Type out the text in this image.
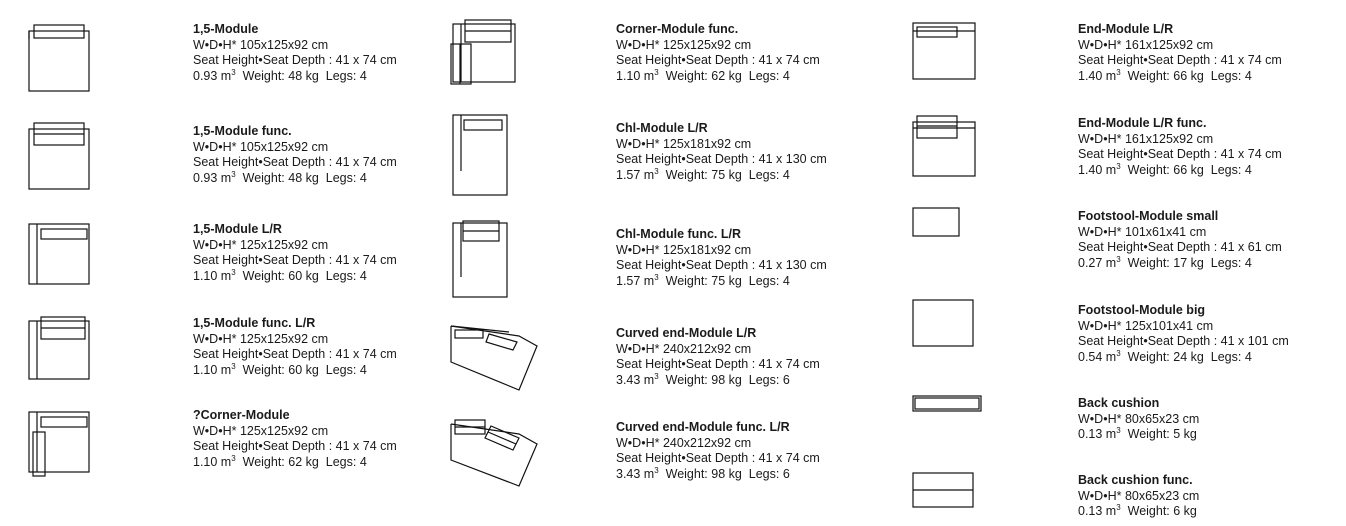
1,5-Module
W•D•H* 105x125x92 cm
Seat Height•Seat Depth : 41 x 74 cm
0.93 $m^3$ Weight: 48 kg Legs: 4
1,5-Module func.
W•D•H* 105x125x92 cm
Seat Height•Seat Depth : 41 x 74 cm
0.93 $m^3$ Weight: 48 kg Legs: 4
1,5-Module L/R
W•D•H* 125x125x92 cm
Seat Height•Seat Depth : 41 x 74 cm
1.10 $m^3$ Weight: 60 kg Legs: 4
1,5-Module func. L/R
W•D•H* 125x125x92 cm
Seat Height•Seat Depth : 41 x 74 cm
1.10 $m^3$ Weight: 60 kg Legs: 4
?Corner-Module
W•D•H* 125x125x92 cm
Seat Height•Seat Depth : 41 x 74 cm
1.10 $m^3$ Weight: 62 kg Legs: 4
Corner-Module func.
W•D•H* 125x125x92 cm
Seat Height•Seat Depth : 41 x 74 cm
1.10 $m^3$ Weight: 62 kg Legs: 4
Chl-Module L/R
W•D•H* 125x181x92 cm
Seat Height•Seat Depth : 41 x 130 cm
1.57 $m^3$ Weight: 75 kg Legs: 4
Chl-Module func. L/R
W•D•H* 125x181x92 cm
Seat Height•Seat Depth : 41 x 130 cm
1.57 $m^3$ Weight: 75 kg Legs: 4
Curved end-Module L/R
W•D•H* 240x212x92 cm
Seat Height•Seat Depth : 41 x 74 cm
3.43 $m^3$ Weight: 98 kg Legs: 6
Curved end-Module func. L/R
W•D•H* 240x212x92 cm
Seat Height•Seat Depth : 41 x 74 cm
3.43 $m^3$ Weight: 98 kg Legs: 6
End-Module L/R
W•D•H* 161x125x92 cm
Seat Height•Seat Depth : 41 x 74 cm
1.40 $m^3$ Weight: 66 kg Legs: 4
End-Module L/R func.
W•D•H* 161x125x92 cm
Seat Height•Seat Depth : 41 x 74 cm
1.40 $m^3$ Weight: 66 kg Legs: 4
Footstool-Module small
W•D•H* 101x61x41 cm
Seat Height•Seat Depth : 41 x 61 cm
0.27 $m^3$ Weight: 17 kg Legs: 4
Footstool-Module big
W•D•H* 125x101x41 cm
Seat Height•Seat Depth : 41 x 101 cm
0.54 $m^3$ Weight: 24 kg Legs: 4
Back cushion
W•D•H* 80x65x23 cm
0.13 $m^3$ Weight: 5 kg
Back cushion func.
W•D•H* 80x65x23 cm
0.13 $m^3$ Weight: 6 kg
